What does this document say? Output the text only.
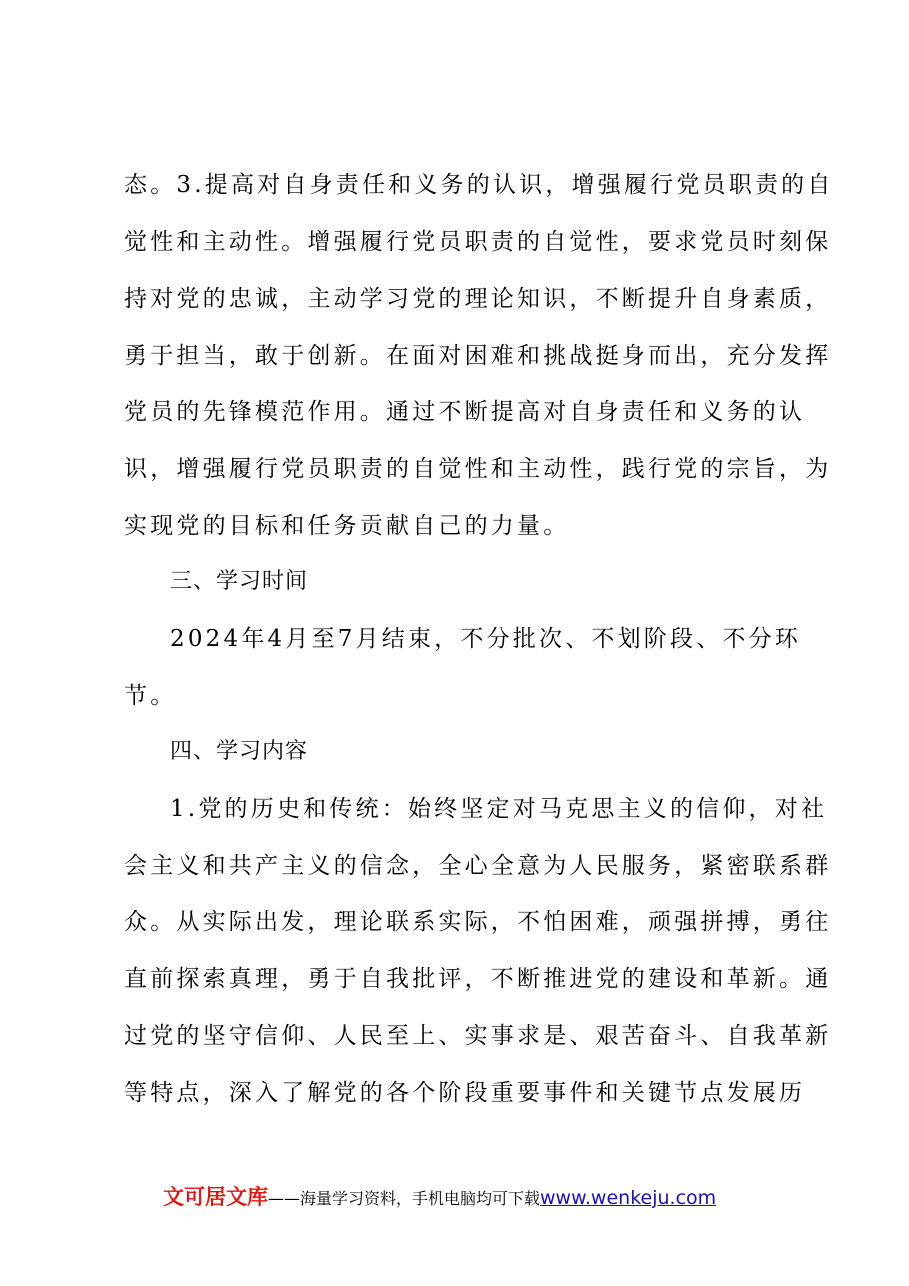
态。3.提高对自身责任和义务的认识，增强履行党员职责的自
觉性和主动性。增强履行党员职责的自觉性，要求党员时刻保
持对党的忠诚，主动学习党的理论知识，不断提升自身素质，
勇于担当，敢于创新。在面对困难和挑战挺身而出，充分发挥
党员的先锋模范作用。通过不断提高对自身责任和义务的认
识，增强履行党员职责的自觉性和主动性，践行党的宗旨，为
实现党的目标和任务贡献自己的力量。
三、学习时间
2024年4月至7月结束，不分批次、不划阶段、不分环
节。
四、学习内容
1.党的历史和传统：始终坚定对马克思主义的信仰，对社
会主义和共产主义的信念，全心全意为人民服务，紧密联系群
众。从实际出发，理论联系实际，不怕困难，顽强拼搏，勇往
直前探索真理，勇于自我批评，不断推进党的建设和革新。通
过党的坚守信仰、人民至上、实事求是、艰苦奋斗、自我革新
等特点，深入了解党的各个阶段重要事件和关键节点发展历
文可居文库——海量学习资料，手机电脑均可下载www.wenkeju.com
